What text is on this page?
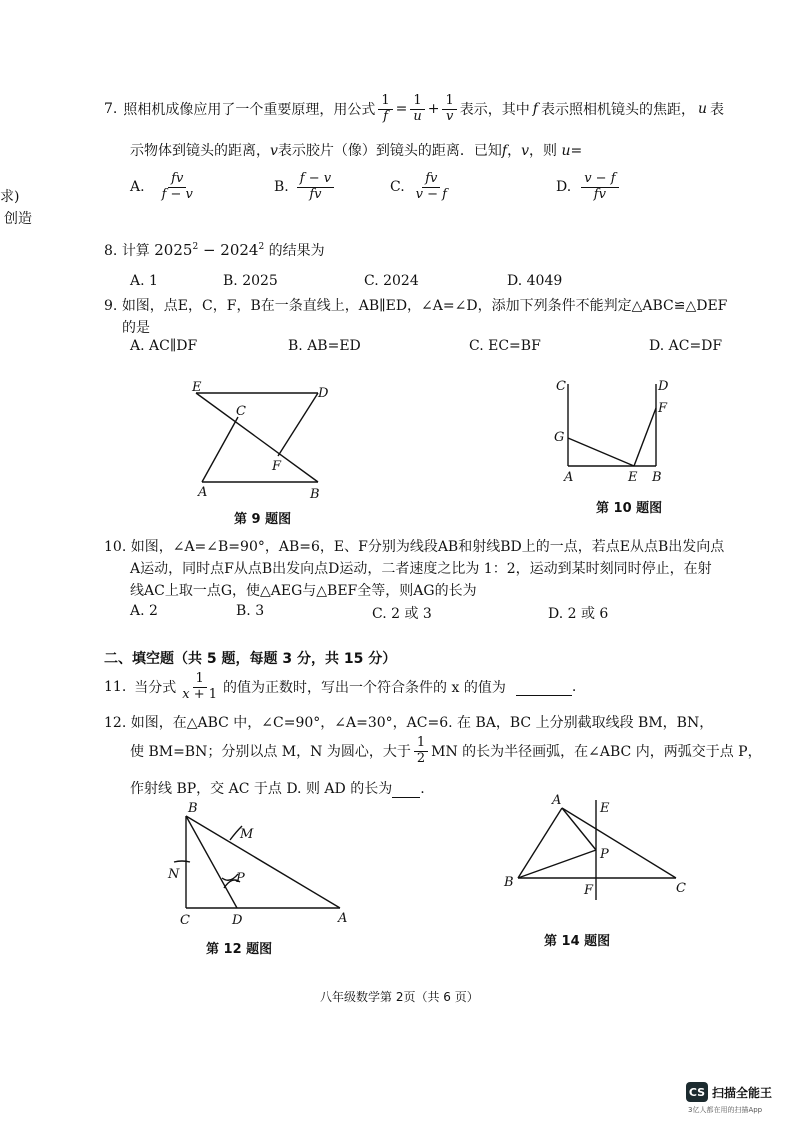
求)
创造
7. 照相机成像应用了一个重要原理，用公式 $\frac{1}{f} = \frac{1}{u} + \frac{1}{v}$ 表示，其中 f 表示照相机镜头的焦距， u 表
示物体到镜头的距离，v表示胶片（像）到镜头的距离．已知f，v，则 u=
A. $\frac{fv}{f - v}$	B. $\frac{f - v}{fv}$	C. $\frac{fv}{v - f}$	D. $\frac{v - f}{fv}$
8. 计算 $2025^2 - 2024^2$ 的结果为
A. 1	B. 2025	C. 2024	D. 4049
9. 如图，点E，C，F，B在一条直线上，AB∥ED，∠A=∠D，添加下列条件不能判定△ABC≌△DEF
的是
A. AC∥DF	B. AB=ED	C. EC=BF	D. AC=DF
E	D
C
F
A	B
第 9 题图
C	D
F
G
A	E B
第 10 题图
10. 如图，∠A=∠B=90°，AB=6，E、F分别为线段AB和射线BD上的一点，若点E从点B出发向点
A运动，同时点F从点B出发向点D运动，二者速度之比为 1：2，运动到某时刻同时停止，在射
线AC上取一点G，使△AEG与△BEF全等，则AG的长为
A. 2	B. 3	C. 2 或 3	D. 2 或 6
二、填空题（共 5 题，每题 3 分，共 15 分）
11. 当分式 $\frac{1}{x + 1}$ 的值为正数时，写出一个符合条件的 x 的值为
	.
12. 如图，在△ABC 中，∠C=90°，∠A=30°，AC=6. 在 BA，BC 上分别截取线段 BM，BN，
使 BM=BN；分别以点 M，N 为圆心，大于 $\frac{1}{2}$ MN 的长为半径画弧，在∠ABC 内，两弧交于点 P，
作射线 BP，交 AC 于点 D. 则 AD 的长为 .
B
M
N	P
C	D	A
第 12 题图
A
E
P
B
F	C
第 14 题图
八年级数学第 2页（共 6 页）
CS 扫描全能王
3亿人都在用的扫描App
